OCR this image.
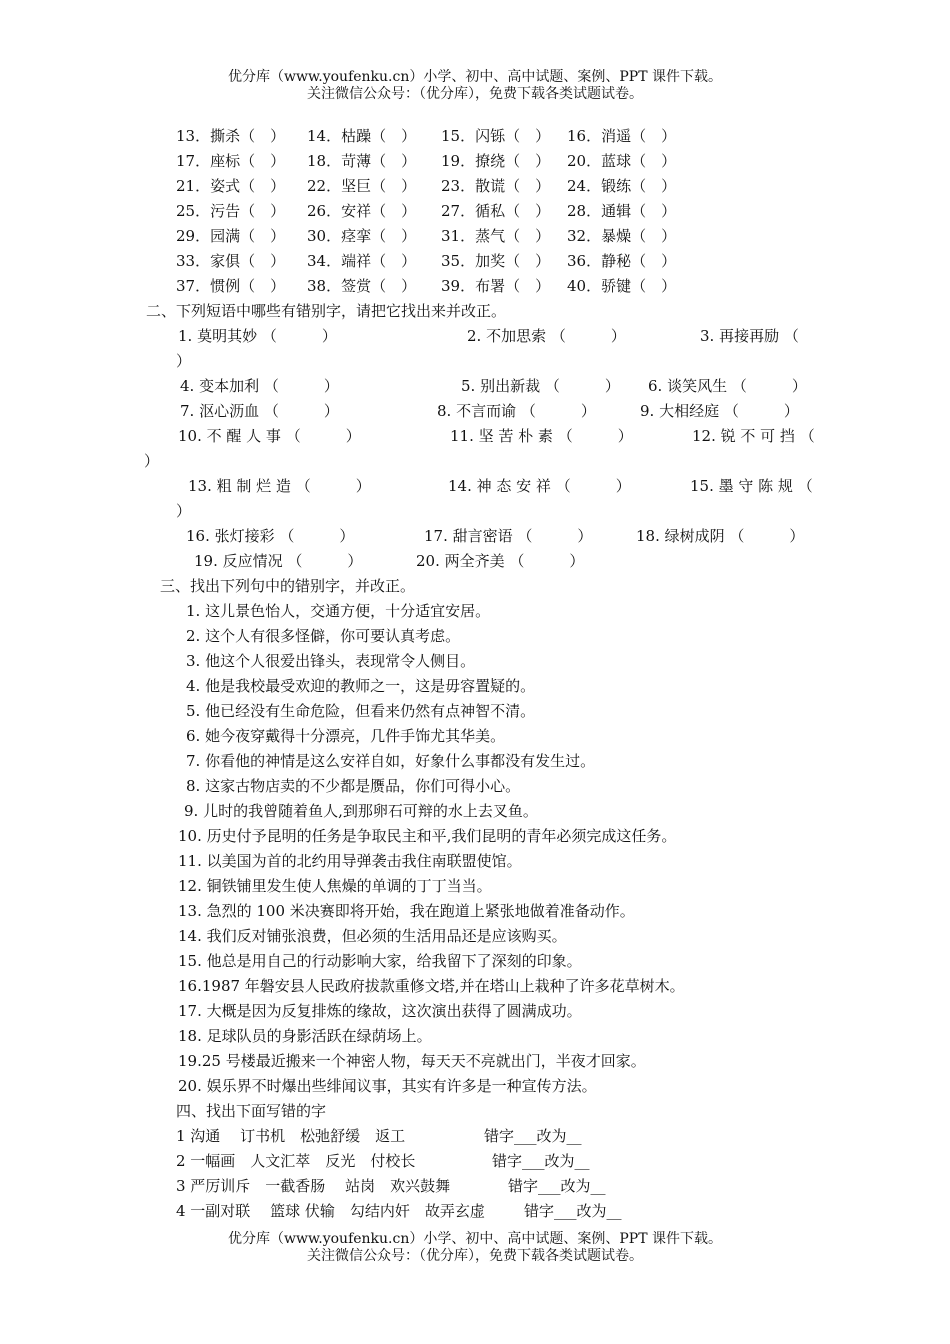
优分库（www.youfenku.cn）小学、初中、高中试题、案例、PPT 课件下载。
关注微信公众号：（优分库），免费下载各类试题试卷。
13．撕杀（　） 14．枯躁（　） 15．闪铄（　） 16．消遥（　）
17．座标（　） 18．苛薄（　） 19．撩绕（　） 20．蓝球（　）
21．姿式（　） 22．坚巨（　） 23．散谎（　） 24．锻练（　）
25．污告（　） 26．安祥（　） 27．循私（　） 28．通辑（　）
29．园满（　） 30．痉挛（　） 31．蒸气（　） 32．暴燥（　）
33．家俱（　） 34．端祥（　） 35．加奖（　） 36．静秘（　）
37．惯例（　） 38．签赏（　） 39．布署（　） 40．骄键（　）
二、下列短语中哪些有错别字，请把它找出来并改正。
1. 莫明其妙 （　　　）	2. 不加思索 （　　　）	3. 再接再励 （
）
4. 变本加利 （　　　）	5. 别出新裁 （　　　） 6. 谈笑风生 （　　　）
7. 沤心沥血 （　　　）	8. 不言而谕 （　　　）	9. 大相经庭 （　　　）
10. 不 醒 人 事 （　　　）	11. 坚 苦 朴 素 （　　　）	12. 锐 不 可 挡 （
）
13. 粗 制 烂 造 （　　　）	14. 神 态 安 祥 （　　　）	15. 墨 守 陈 规 （
）
16. 张灯接彩 （　　　）	17. 甜言密语 （　　　）	18. 绿树成阴 （　　　）
19. 反应情况 （　　　）	20. 两全齐美 （　　　）
三、找出下列句中的错别字，并改正。
1. 这儿景色怡人，交通方便，十分适宜安居。
2. 这个人有很多怪僻，你可要认真考虑。
3. 他这个人很爱出锋头，表现常令人侧目。
4. 他是我校最受欢迎的教师之一，这是毋容置疑的。
5. 他已经没有生命危险，但看来仍然有点神智不清。
6. 她今夜穿戴得十分漂亮，几件手饰尤其华美。
7. 你看他的神情是这么安祥自如，好象什么事都没有发生过。
8. 这家古物店卖的不少都是赝品，你们可得小心。
9. 儿时的我曾随着鱼人,到那卵石可辩的水上去叉鱼。
10. 历史付予昆明的任务是争取民主和平,我们昆明的青年必须完成这任务。
11. 以美国为首的北约用导弹袭击我住南联盟使馆。
12. 铜铁铺里发生使人焦燥的单调的丁丁当当。
13. 急烈的 100 米决赛即将开始，我在跑道上紧张地做着准备动作。
14. 我们反对铺张浪费，但必须的生活用品还是应该购买。
15. 他总是用自己的行动影响大家，给我留下了深刻的印象。
16.1987 年磐安县人民政府拔款重修文塔,并在塔山上栽种了许多花草树木。
17. 大概是因为反复排炼的缘故，这次演出获得了圆满成功。
18. 足球队员的身影活跃在绿荫场上。
19.25 号楼最近搬来一个神密人物，每天天不亮就出门，半夜才回家。
20. 娱乐界不时爆出些绯闻议事，其实有许多是一种宣传方法。
四、找出下面写错的字
1 沟通　 订书机　松弛舒缓　返工	错字___改为__
2 一幅画　人文汇萃　反光　付校长	错字___改为__
3 严厉训斥　一截香肠　 站岗　欢兴鼓舞	错字___改为__
4 一副对联　 篮球 伏输　勾结内奸　故弄玄虚	错字___改为__
优分库（www.youfenku.cn）小学、初中、高中试题、案例、PPT 课件下载。
关注微信公众号：（优分库），免费下载各类试题试卷。
